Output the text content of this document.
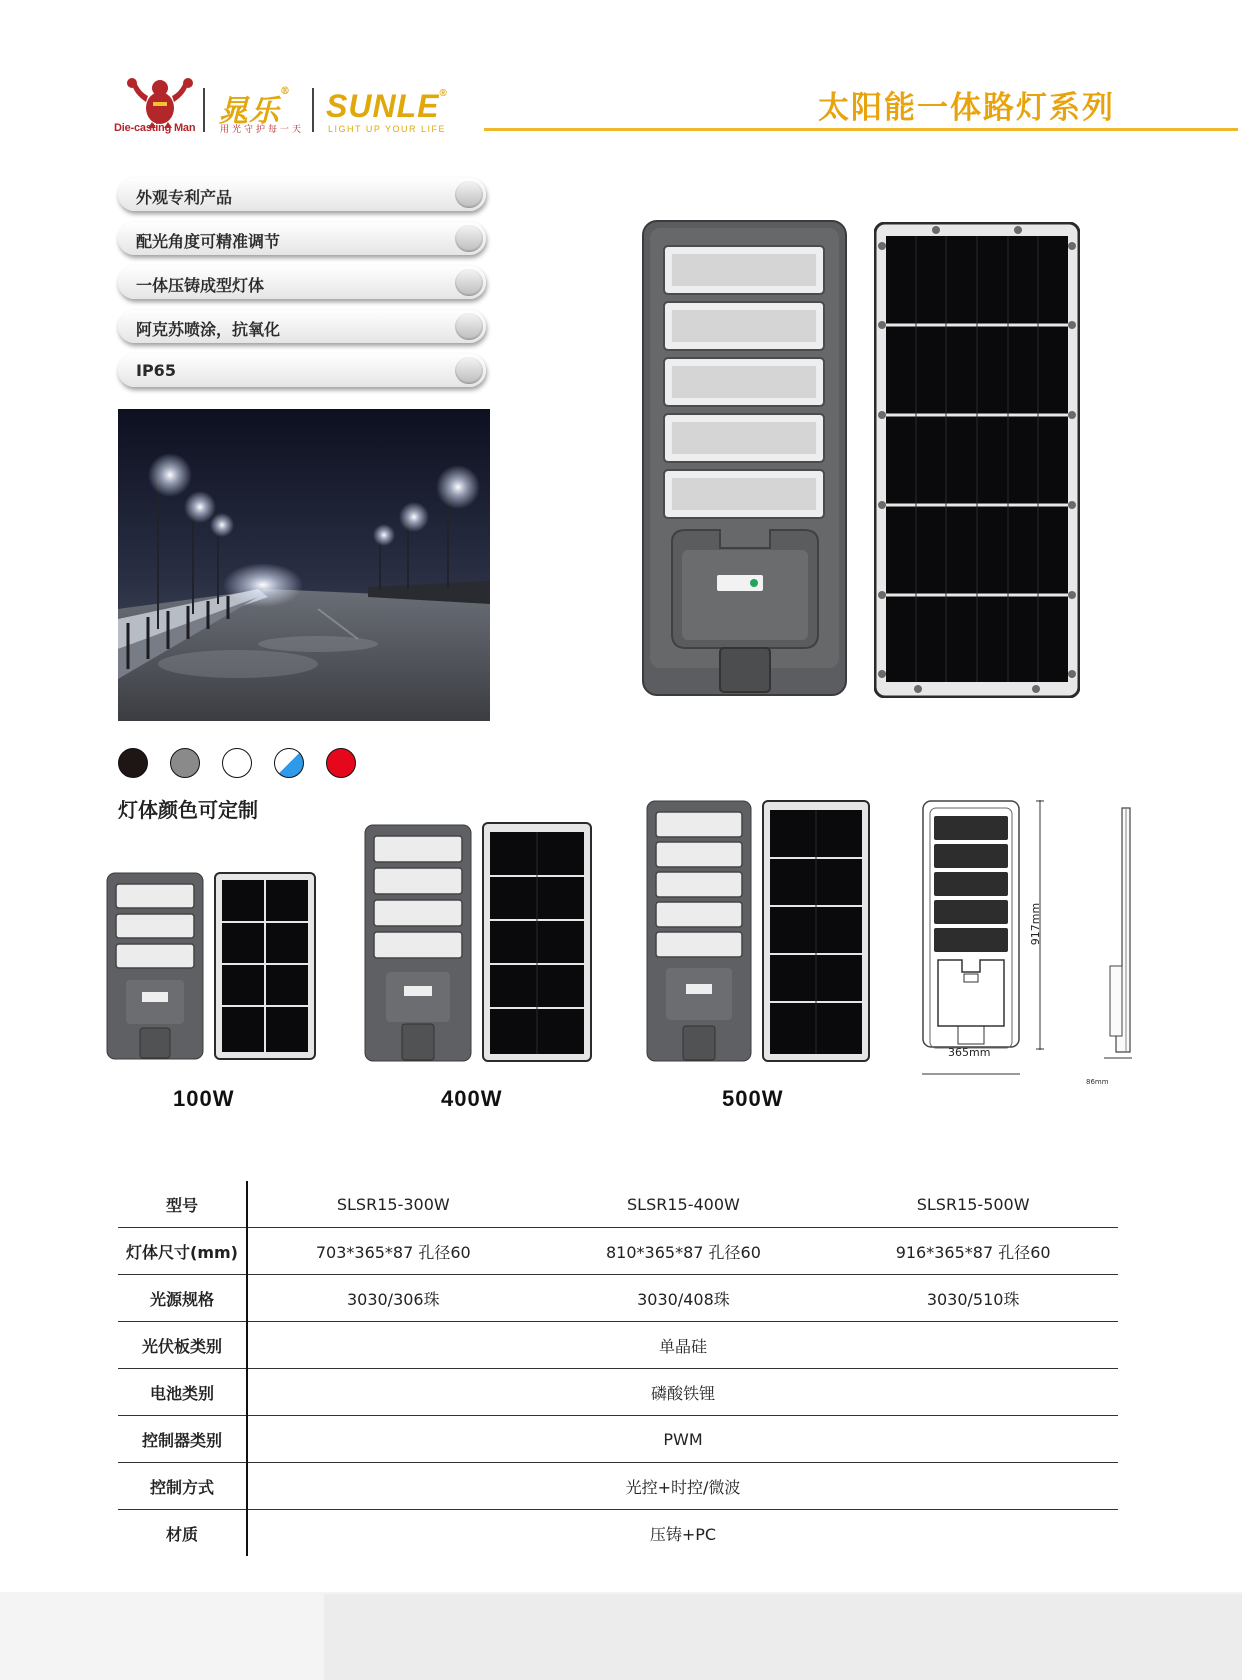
Die-casting Man 晁乐®
用光守护每一天
SUNLE®
LIGHT UP YOUR LIFE
太阳能一体路灯系列
外观专利产品
配光角度可精准调节
一体压铸成型灯体
阿克苏喷涂，抗氧化
IP65
灯体颜色可定制
100W	400W	500W
917mm
365mm
86mm
型号	SLSR15-300W	SLSR15-400W	SLSR15-500W
灯体尺寸(mm)	703*365*87 孔径60	810*365*87 孔径60	916*365*87 孔径60
光源规格	3030/306珠	3030/408珠	3030/510珠
光伏板类别	单晶硅		
电池类别	磷酸铁锂		
控制器类别	PWM		
控制方式	光控+时控/微波		
材质	压铸+PC		
